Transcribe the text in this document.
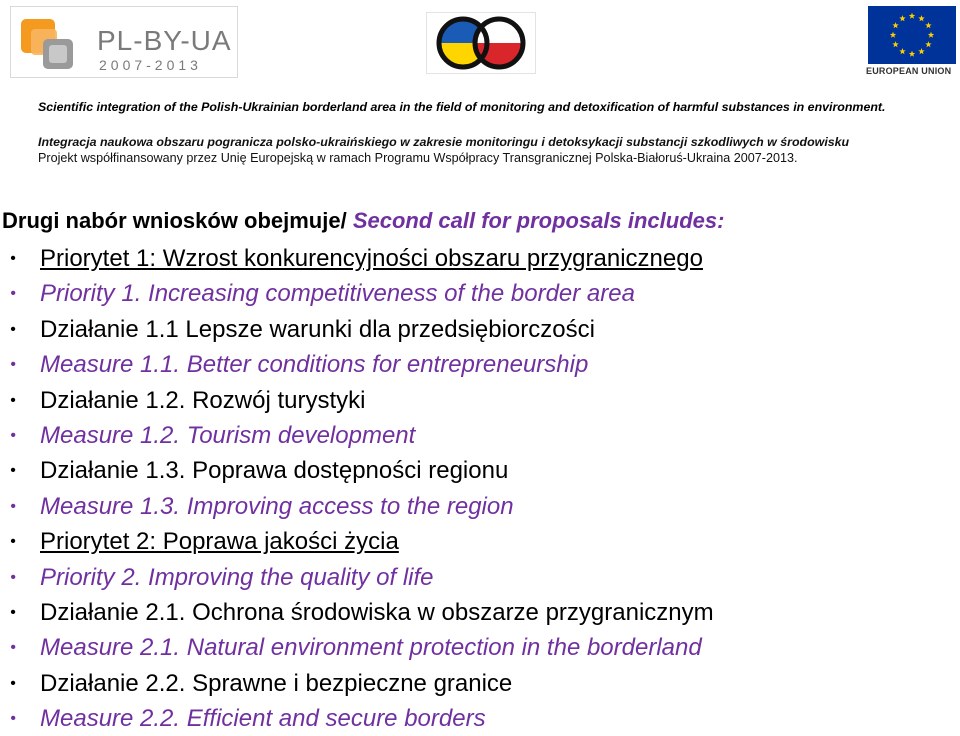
PL-BY-UA
2007-2013	EUROPEAN UNION
Scientific integration of the Polish-Ukrainian borderland area in the field of monitoring and detoxification of harmful substances in environment.
Integracja naukowa obszaru pogranicza polsko-ukraińskiego w zakresie monitoringu i detoksykacji substancji szkodliwych w środowisku
Projekt współfinansowany przez Unię Europejską w ramach Programu Współpracy Transgranicznej Polska-Białoruś-Ukraina 2007-2013.
Drugi nabór wniosków obejmuje/ Second call for proposals includes:
• Priorytet 1: Wzrost konkurencyjności obszaru przygranicznego
• Priority 1. Increasing competitiveness of the border area
• Działanie 1.1 Lepsze warunki dla przedsiębiorczości
• Measure 1.1. Better conditions for entrepreneurship
• Działanie 1.2. Rozwój turystyki
• Measure 1.2. Tourism development
• Działanie 1.3. Poprawa dostępności regionu
• Measure 1.3. Improving access to the region
• Priorytet 2: Poprawa jakości życia
• Priority 2. Improving the quality of life
• Działanie 2.1. Ochrona środowiska w obszarze przygranicznym
• Measure 2.1. Natural environment protection in the borderland
• Działanie 2.2. Sprawne i bezpieczne granice
• Measure 2.2. Efficient and secure borders
